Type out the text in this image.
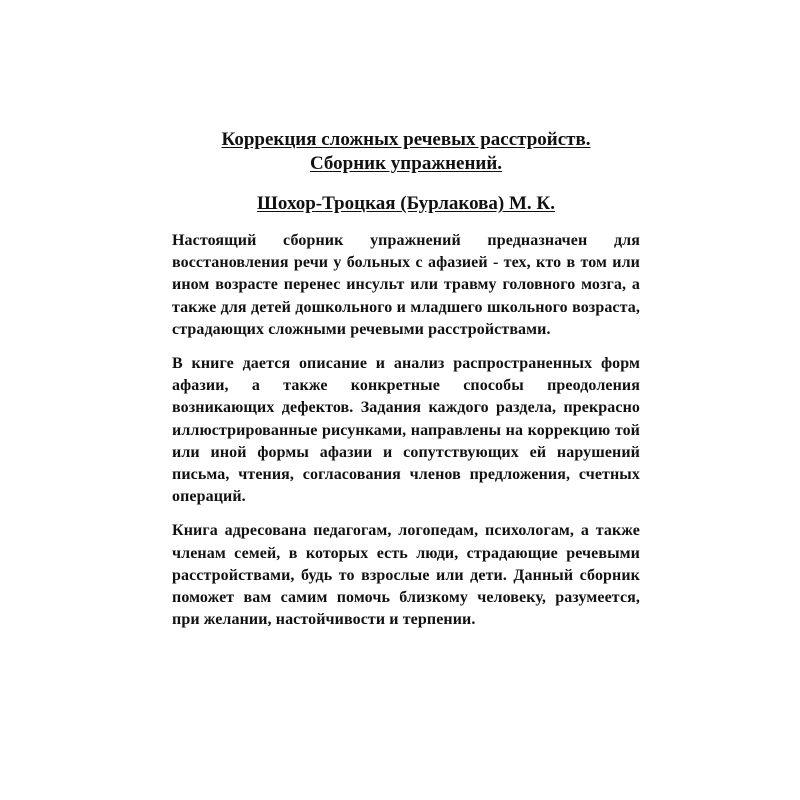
Коррекция сложных речевых расстройств.
Сборник упражнений.

Шохор-Троцкая (Бурлакова) М. К.

Настоящий сборник упражнений предназначен для восстановления речи у больных с афазией - тех, кто в том или ином возрасте перенес инсульт или травму головного мозга, а также для детей дошкольного и младшего школьного возраста, страдающих сложными речевыми расстройствами.

В книге дается описание и анализ распространенных форм афазии, а также конкретные способы преодоления возникающих дефектов. Задания каждого раздела, прекрасно иллюстрированные рисунками, направлены на коррекцию той или иной формы афазии и сопутствующих ей нарушений письма, чтения, согласования членов предложения, счетных операций.

Книга адресована педагогам, логопедам, психологам, а также членам семей, в которых есть люди, страдающие речевыми расстройствами, будь то взрослые или дети. Данный сборник поможет вам самим помочь близкому человеку, разумеется, при желании, настойчивости и терпении.
